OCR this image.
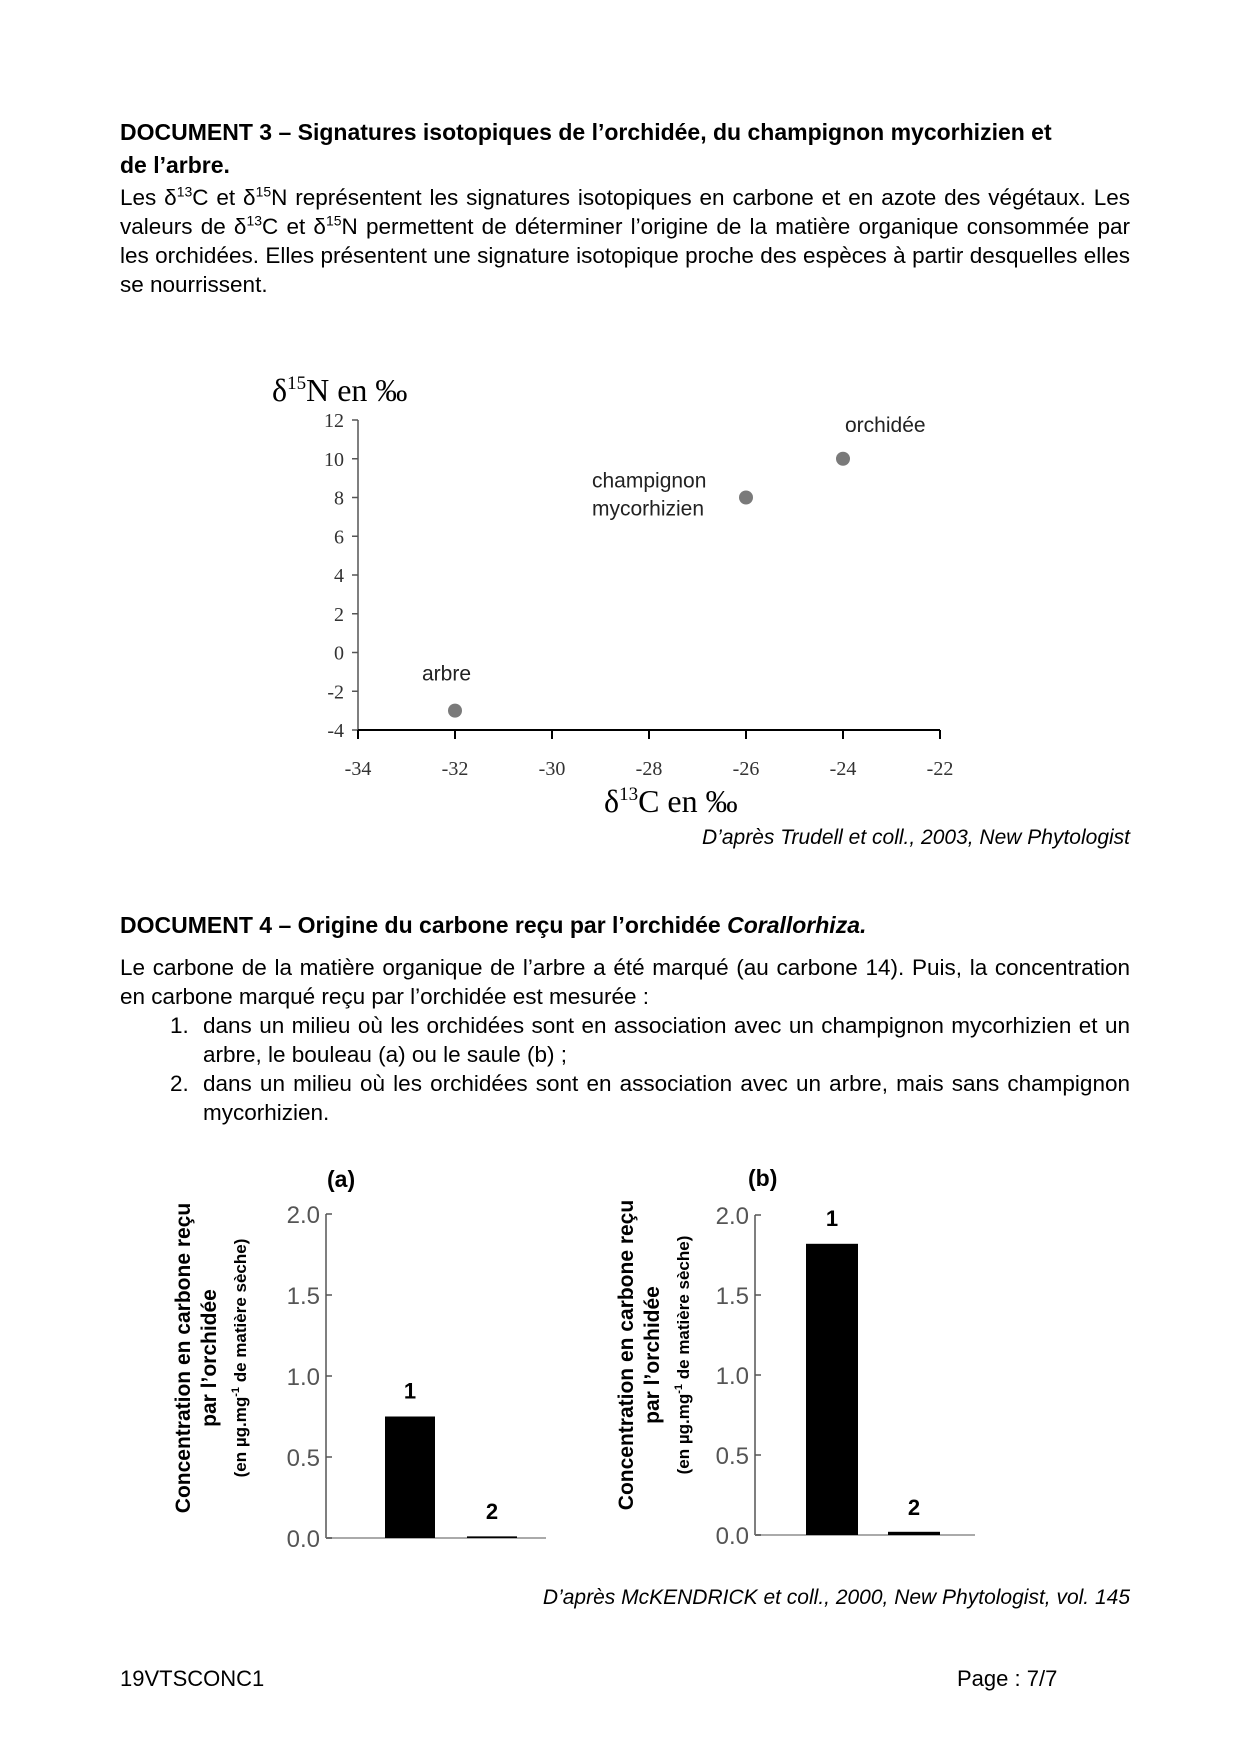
DOCUMENT 3 – Signatures isotopiques de l’orchidée, du champignon mycorhizien et
de l’arbre.

Les $\delta^{13}C$ et $\delta^{15}N$ représentent les signatures isotopiques en carbone et en azote des végétaux. Les valeurs de $\delta^{13}C$ et $\delta^{15}N$ permettent de déterminer l’origine de la matière organique consommée par les orchidées. Elles présentent une signature isotopique proche des espèces à partir desquelles elles se nourrissent.

$\delta^{15}N$ en ‰
12
10
8
6
4
2
0
-2
-4
-34	-32	-30	-28	-26	-24	-22
arbre
champignon mycorhizien
orchidée
$\delta^{13}C$ en ‰
D’après Trudell et coll., 2003, New Phytologist
DOCUMENT 4 – Origine du carbone reçu par l’orchidée Corallorhiza.

Le carbone de la matière organique de l’arbre a été marqué (au carbone 14). Puis, la concentration en carbone marqué reçu par l’orchidée est mesurée :

1. dans un milieu où les orchidées sont en association avec un champignon mycorhizien et un arbre, le bouleau (a) ou le saule (b) ;
2. dans un milieu où les orchidées sont en association avec un arbre, mais sans champignon mycorhizien.
Concentration en carbone reçu par l’orchidée
(en $\mu g.mg^{-1}$ de matière sèche)
2.0
1.5
1.0
0.5
0.0
(a)
1
2
Concentration en carbone reçu par l’orchidée
(en $\mu g.mg^{-1}$ de matière sèche)
2.0
1.5
1.0
0.5
0.0
(b)
1
2
D’après McKENDRICK et coll., 2000, New Phytologist, vol. 145
19VTSCONC1	Page : 7/7
